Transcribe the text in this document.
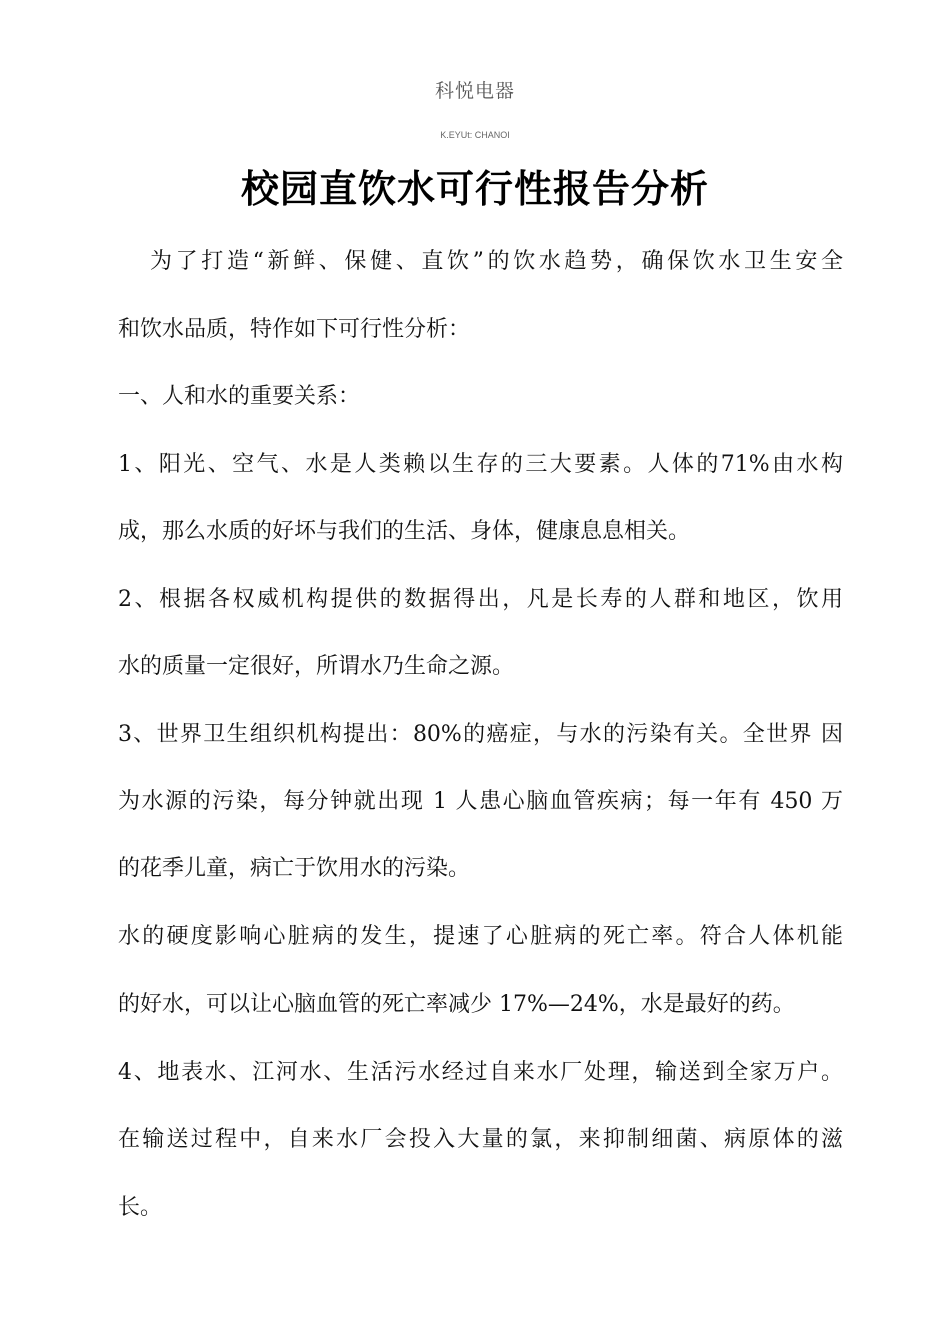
科悦电器
K.EYUt: CHANOI
校园直饮水可行性报告分析
为了打造“新鲜、保健、直饮”的饮水趋势，确保饮水卫生安全
和饮水品质，特作如下可行性分析：
一、人和水的重要关系：
1、阳光、空气、水是人类赖以生存的三大要素。人体的71%由水构
成，那么水质的好坏与我们的生活、身体，健康息息相关。
2、根据各权威机构提供的数据得出，凡是长寿的人群和地区，饮用
水的质量一定很好，所谓水乃生命之源。
3、世界卫生组织机构提出：80%的癌症，与水的污染有关。全世界 因
为水源的污染，每分钟就出现 1 人患心脑血管疾病；每一年有 450 万
的花季儿童，病亡于饮用水的污染。
水的硬度影响心脏病的发生，提速了心脏病的死亡率。符合人体机能
的好水，可以让心脑血管的死亡率减少 17%—24%，水是最好的药。
4、地表水、江河水、生活污水经过自来水厂处理，输送到全家万户。
在输送过程中，自来水厂会投入大量的氯，来抑制细菌、病原体的滋
长。
